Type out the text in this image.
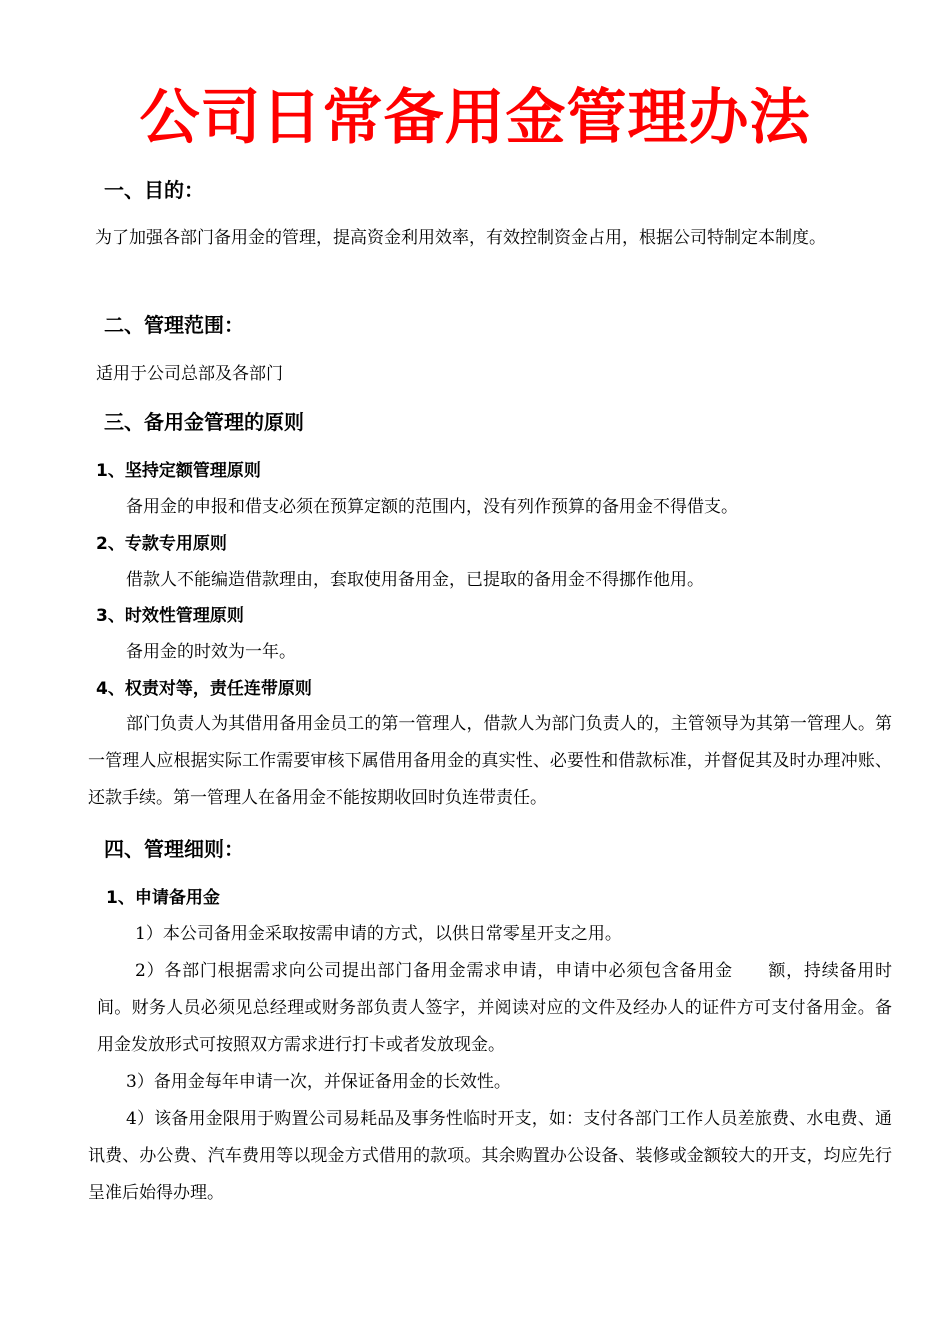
公司日常备用金管理办法
一、目的：

为了加强各部门备用金的管理，提高资金利用效率，有效控制资金占用，根据公司特制定本制度。

二、管理范围：

适用于公司总部及各部门

三、备用金管理的原则
1、坚持定额管理原则

备用金的申报和借支必须在预算定额的范围内，没有列作预算的备用金不得借支。

2、专款专用原则

借款人不能编造借款理由，套取使用备用金，已提取的备用金不得挪作他用。

3、时效性管理原则

备用金的时效为一年。

4、权责对等，责任连带原则

部门负责人为其借用备用金员工的第一管理人，借款人为部门负责人的，主管领导为其第一管理人。第一管理人应根据实际工作需要审核下属借用备用金的真实性、必要性和借款标准，并督促其及时办理冲账、还款手续。第一管理人在备用金不能按期收回时负连带责任。

四、管理细则：
1、申请备用金

1）本公司备用金采取按需申请的方式，以供日常零星开支之用。

2）各部门根据需求向公司提出部门备用金需求申请，申请中必须包含备用金　　额，持续备用时间。财务人员必须见总经理或财务部负责人签字，并阅读对应的文件及经办人的证件方可支付备用金。备用金发放形式可按照双方需求进行打卡或者发放现金。

3）备用金每年申请一次，并保证备用金的长效性。

4）该备用金限用于购置公司易耗品及事务性临时开支，如：支付各部门工作人员差旅费、水电费、通讯费、办公费、汽车费用等以现金方式借用的款项。其余购置办公设备、装修或金额较大的开支，均应先行呈准后始得办理。
